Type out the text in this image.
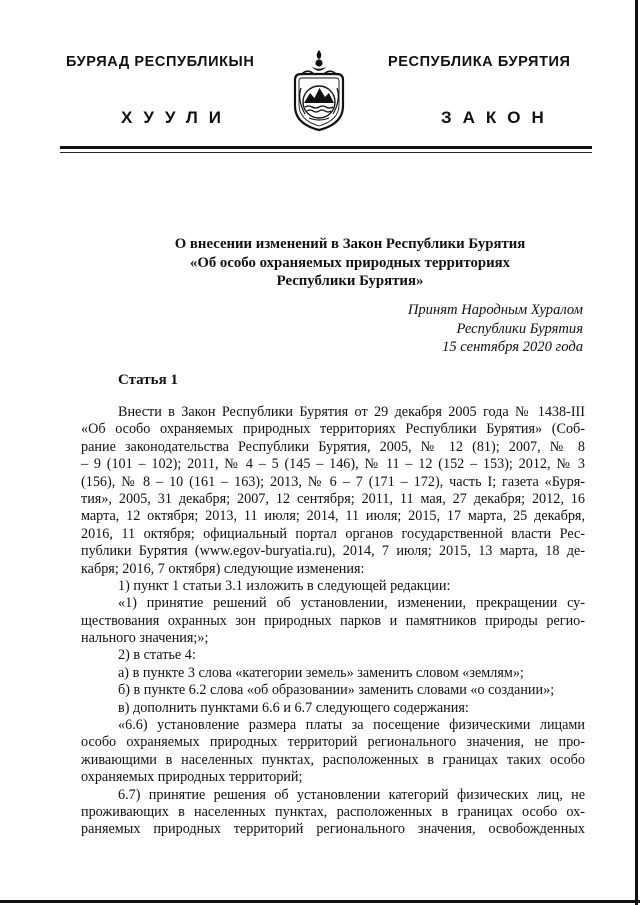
БУРЯАД РЕСПУБЛИКЫН
ХУУЛИ
РЕСПУБЛИКА БУРЯТИЯ
ЗАКОН
О внесении изменений в Закон Республики Бурятия
«Об особо охраняемых природных территориях
Республики Бурятия»
Принят Народным Хуралом
Республики Бурятия
15 сентября 2020 года
Статья 1
Внести в Закон Республики Бурятия от 29 декабря 2005 года № 1438-III
«Об особо охраняемых природных территориях Республики Бурятия» (Соб-
рание законодательства Республики Бурятия, 2005, № 12 (81); 2007, № 8
– 9 (101 – 102); 2011, № 4 – 5 (145 – 146), № 11 – 12 (152 – 153); 2012, № 3
(156), № 8 – 10 (161 – 163); 2013, № 6 – 7 (171 – 172), часть I; газета «Буря-
тия», 2005, 31 декабря; 2007, 12 сентября; 2011, 11 мая, 27 декабря; 2012, 16
марта, 12 октября; 2013, 11 июля; 2014, 11 июля; 2015, 17 марта, 25 декабря,
2016, 11 октября; официальный портал органов государственной власти Рес-
публики Бурятия (www.egov-buryatia.ru), 2014, 7 июля; 2015, 13 марта, 18 де-
кабря; 2016, 7 октября) следующие изменения:
1) пункт 1 статьи 3.1 изложить в следующей редакции:
«1) принятие решений об установлении, изменении, прекращении су-
ществования охранных зон природных парков и памятников природы регио-
нального значения;»;
2) в статье 4:
а) в пункте 3 слова «категории земель» заменить словом «землям»;
б) в пункте 6.2 слова «об образовании» заменить словами «о создании»;
в) дополнить пунктами 6.6 и 6.7 следующего содержания:
«6.6) установление размера платы за посещение физическими лицами
особо охраняемых природных территорий регионального значения, не про-
живающими в населенных пунктах, расположенных в границах таких особо
охраняемых природных территорий;
6.7) принятие решения об установлении категорий физических лиц, не
проживающих в населенных пунктах, расположенных в границах особо ох-
раняемых природных территорий регионального значения, освобожденных
